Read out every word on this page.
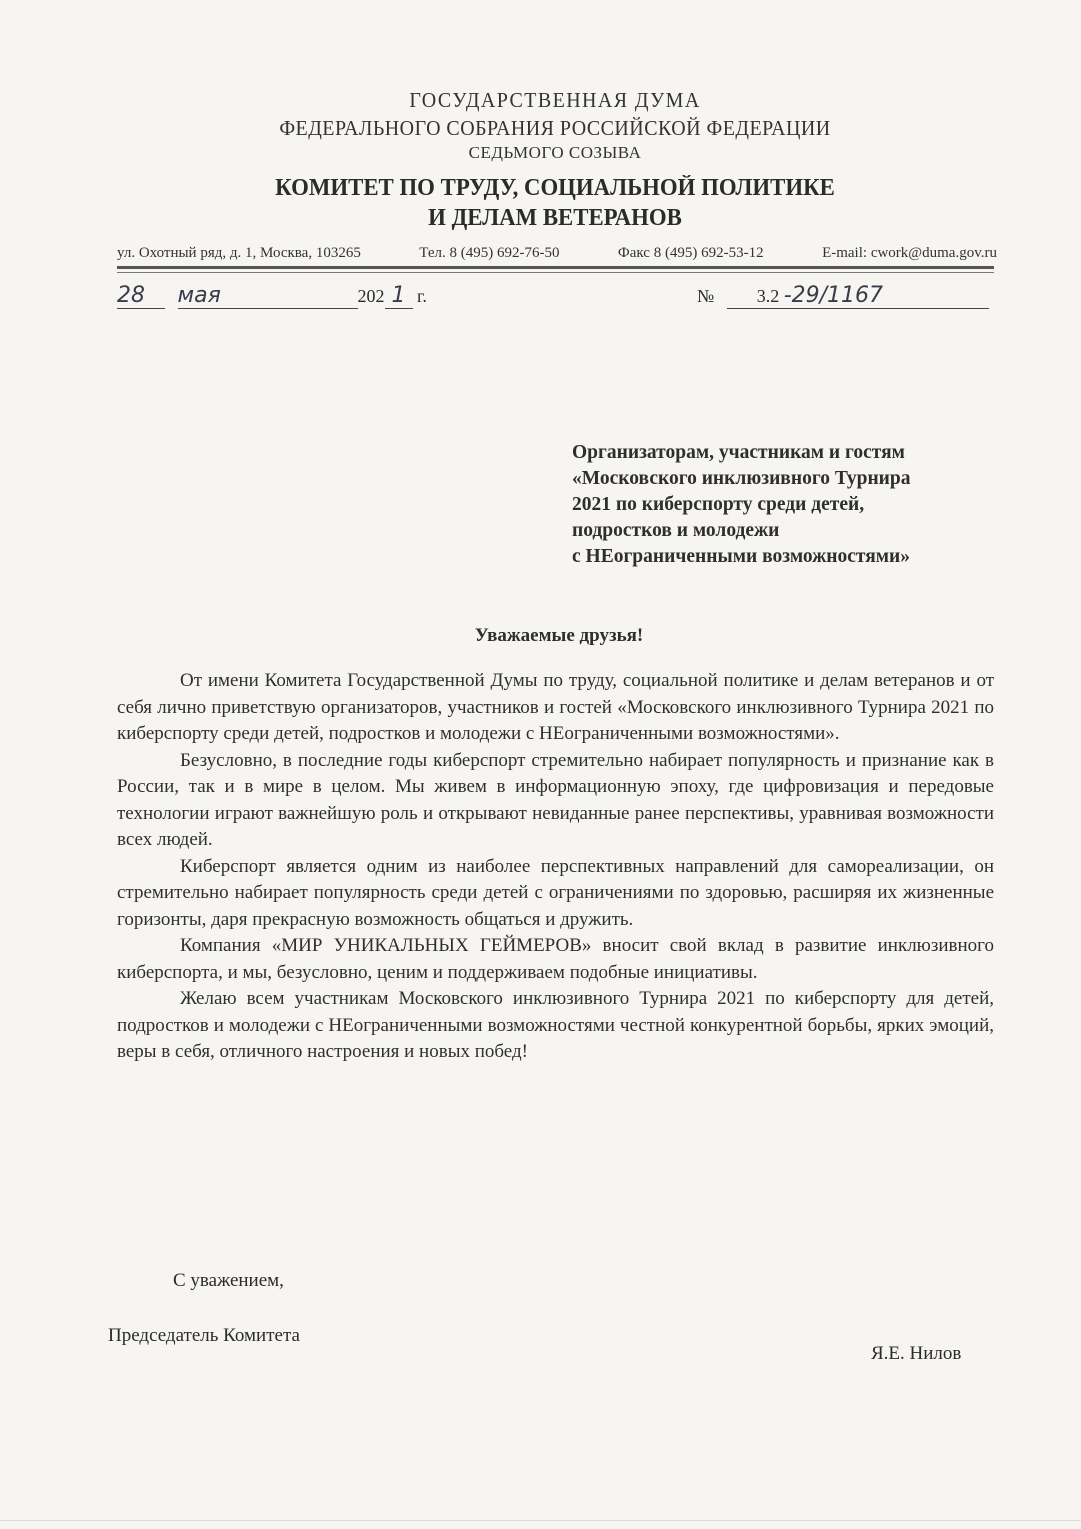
ГОСУДАРСТВЕННАЯ ДУМА
ФЕДЕРАЛЬНОГО СОБРАНИЯ РОССИЙСКОЙ ФЕДЕРАЦИИ
СЕДЬМОГО СОЗЫВА
КОМИТЕТ ПО ТРУДУ, СОЦИАЛЬНОЙ ПОЛИТИКЕ
И ДЕЛАМ ВЕТЕРАНОВ
ул. Охотный ряд, д. 1, Москва, 103265	Тел. 8 (495) 692-76-50	Факс 8 (495) 692-53-12	E-mail: cwork@duma.gov.ru
28 мая	202 1 г.	№ 3.2 -29/1167
Организаторам, участникам и гостям
«Московского инклюзивного Турнира
2021 по киберспорту среди детей,
подростков и молодежи
с НЕограниченными возможностями»
Уважаемые друзья!

От имени Комитета Государственной Думы по труду, социальной политике и делам ветеранов и от себя лично приветствую организаторов, участников и гостей «Московского инклюзивного Турнира 2021 по киберспорту среди детей, подростков и молодежи с НЕограниченными возможностями».

Безусловно, в последние годы киберспорт стремительно набирает популярность и признание как в России, так и в мире в целом. Мы живем в информационную эпоху, где цифровизация и передовые технологии играют важнейшую роль и открывают невиданные ранее перспективы, уравнивая возможности всех людей.

Киберспорт является одним из наиболее перспективных направлений для самореализации, он стремительно набирает популярность среди детей с ограничениями по здоровью, расширяя их жизненные горизонты, даря прекрасную возможность общаться и дружить.

Компания «МИР УНИКАЛЬНЫХ ГЕЙМЕРОВ» вносит свой вклад в развитие инклюзивного киберспорта, и мы, безусловно, ценим и поддерживаем подобные инициативы.

Желаю всем участникам Московского инклюзивного Турнира 2021 по киберспорту для детей, подростков и молодежи с НЕограниченными возможностями честной конкурентной борьбы, ярких эмоций, веры в себя, отличного настроения и новых побед!

С уважением,
Председатель Комитета
Я.Е. Нилов
